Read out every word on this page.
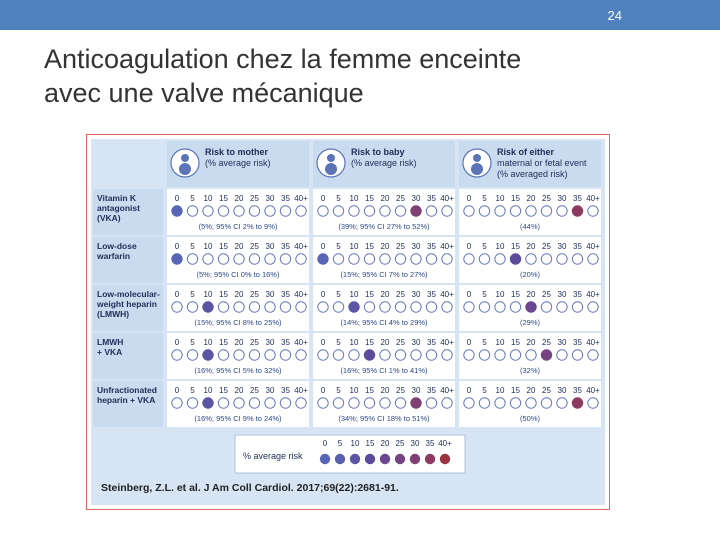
24
Anticoagulation chez la femme enceinte
avec une valve mécanique
Risk to mother
(% average risk)
Risk to baby
(% average risk)
Risk of either
maternal or fetal event
(% averaged risk)
Vitamin K
antagonist
(VKA)
0 5 10 15 20 25 30 35 40+
(5%; 95% CI 2% to 9%)
0 5 10 15 20 25 30 35 40+
(39%; 95% CI 27% to 52%)
0 5 10 15 20 25 30 35 40+
(44%)
Low-dose
warfarin
0 5 10 15 20 25 30 35 40+
(5%; 95% CI 0% to 16%)
0 5 10 15 20 25 30 35 40+
(15%; 95% CI 7% to 27%)
0 5 10 15 20 25 30 35 40+
(20%)
Low-molecular-
weight heparin
(LMWH)
0 5 10 15 20 25 30 35 40+
(15%; 95% CI 8% to 25%)
0 5 10 15 20 25 30 35 40+
(14%; 95% CI 4% to 29%)
0 5 10 15 20 25 30 35 40+
(29%)
LMWH
+ VKA
0 5 10 15 20 25 30 35 40+
(16%; 95% CI 5% to 32%)
0 5 10 15 20 25 30 35 40+
(16%; 95% CI 1% to 41%)
0 5 10 15 20 25 30 35 40+
(32%)
Unfractionated
heparin + VKA
0 5 10 15 20 25 30 35 40+
(16%; 95% CI 9% to 24%)
0 5 10 15 20 25 30 35 40+
(34%; 95% CI 18% to 51%)
0 5 10 15 20 25 30 35 40+
(50%)
% average risk
0 5 10 15 20 25 30 35 40+
Steinberg, Z.L. et al. J Am Coll Cardiol. 2017;69(22):2681-91.
